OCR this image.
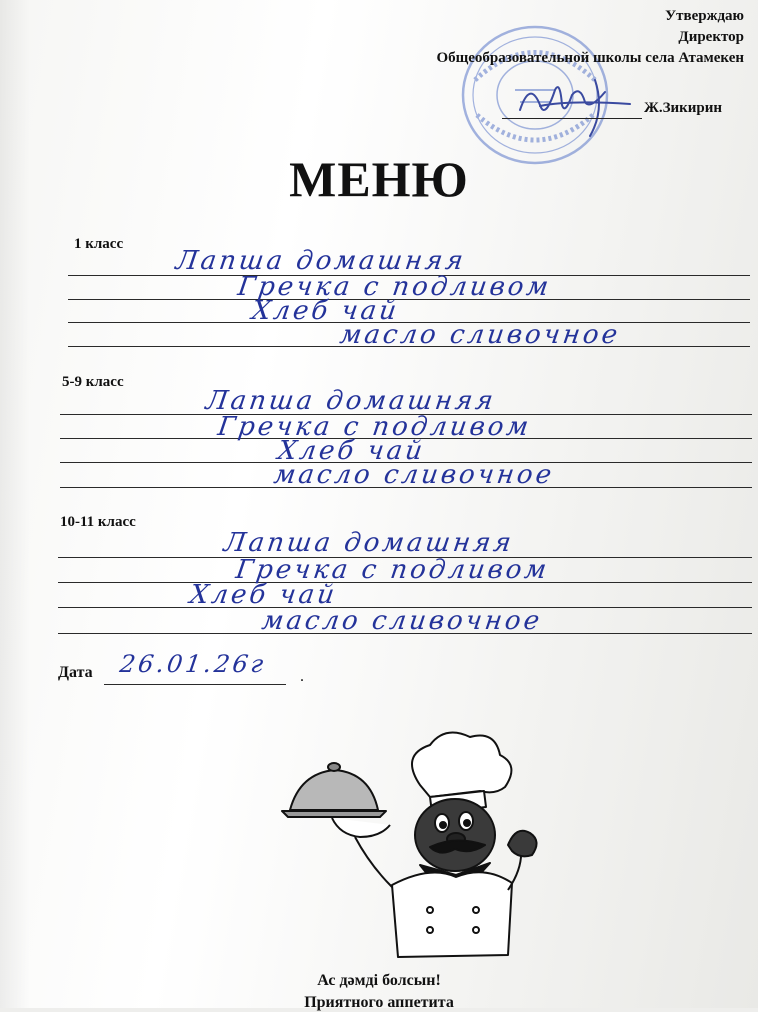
Утверждаю
Директор
Общеобразовательной школы села Атамекен
Ж.Зикирин
МЕНЮ
1 класс
Лапша домашняя
Гречка с подливом
Хлеб чай
масло сливочное
5-9 класс
Лапша домашняя
Гречка с подливом
Хлеб чай
масло сливочное
10-11 класс
Лапша домашняя
Гречка с подливом
Хлеб чай
масло сливочное
Дата 26.01.26г .
Ас дәмді болсын!
Приятного аппетита
